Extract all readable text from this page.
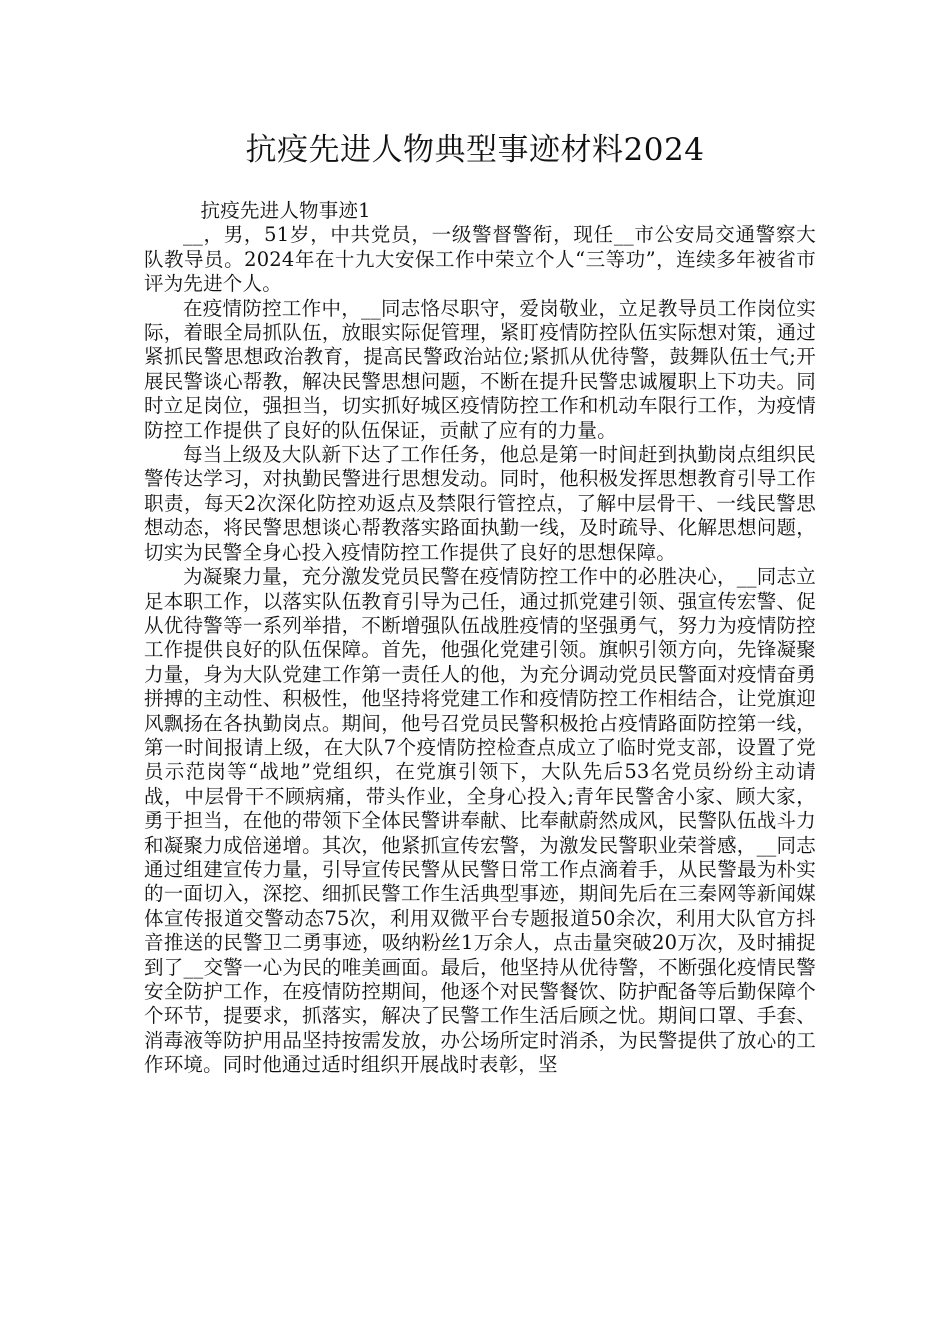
抗疫先进人物典型事迹材料2024

抗疫先进人物事迹1

__，男，51岁，中共党员，一级警督警衔，现任__市公安局交通警察大队教导员。2024年在十九大安保工作中荣立个人“三等功”，连续多年被省市评为先进个人。

在疫情防控工作中，__同志恪尽职守，爱岗敬业，立足教导员工作岗位实际，着眼全局抓队伍，放眼实际促管理，紧盯疫情防控队伍实际想对策，通过紧抓民警思想政治教育，提高民警政治站位;紧抓从优待警，鼓舞队伍士气;开展民警谈心帮教，解决民警思想问题，不断在提升民警忠诚履职上下功夫。同时立足岗位，强担当，切实抓好城区疫情防控工作和机动车限行工作，为疫情防控工作提供了良好的队伍保证，贡献了应有的力量。

每当上级及大队新下达了工作任务，他总是第一时间赶到执勤岗点组织民警传达学习，对执勤民警进行思想发动。同时，他积极发挥思想教育引导工作职责，每天2次深化防控劝返点及禁限行管控点，了解中层骨干、一线民警思想动态，将民警思想谈心帮教落实路面执勤一线，及时疏导、化解思想问题，切实为民警全身心投入疫情防控工作提供了良好的思想保障。

为凝聚力量，充分激发党员民警在疫情防控工作中的必胜决心，__同志立足本职工作，以落实队伍教育引导为己任，通过抓党建引领、强宣传宏警、促从优待警等一系列举措，不断增强队伍战胜疫情的坚强勇气，努力为疫情防控工作提供良好的队伍保障。首先，他强化党建引领。旗帜引领方向，先锋凝聚力量，身为大队党建工作第一责任人的他，为充分调动党员民警面对疫情奋勇拼搏的主动性、积极性，他坚持将党建工作和疫情防控工作相结合，让党旗迎风飘扬在各执勤岗点。期间，他号召党员民警积极抢占疫情路面防控第一线，第一时间报请上级，在大队7个疫情防控检查点成立了临时党支部，设置了党员示范岗等“战地”党组织，在党旗引领下，大队先后53名党员纷纷主动请战，中层骨干不顾病痛，带头作业，全身心投入;青年民警舍小家、顾大家，勇于担当，在他的带领下全体民警讲奉献、比奉献蔚然成风，民警队伍战斗力和凝聚力成倍递增。其次，他紧抓宣传宏警，为激发民警职业荣誉感，__同志通过组建宣传力量，引导宣传民警从民警日常工作点滴着手，从民警最为朴实的一面切入，深挖、细抓民警工作生活典型事迹，期间先后在三秦网等新闻媒体宣传报道交警动态75次，利用双微平台专题报道50余次，利用大队官方抖音推送的民警卫二勇事迹，吸纳粉丝1万余人，点击量突破20万次，及时捕捉到了__交警一心为民的唯美画面。最后，他坚持从优待警，不断强化疫情民警安全防护工作，在疫情防控期间，他逐个对民警餐饮、防护配备等后勤保障个个环节，提要求，抓落实，解决了民警工作生活后顾之忧。期间口罩、手套、消毒液等防护用品坚持按需发放，办公场所定时消杀，为民警提供了放心的工作环境。同时他通过适时组织开展战时表彰，坚
